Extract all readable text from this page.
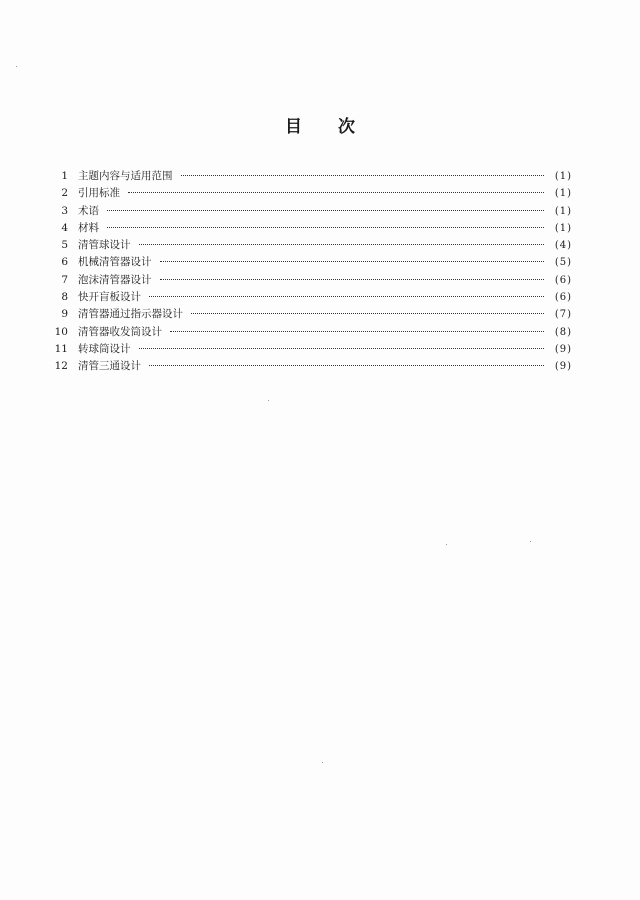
目 次
1 主题内容与适用范围	(1)
2 引用标准	(1)
3 术语	(1)
4 材料	(1)
5 清管球设计	(4)
6 机械清管器设计	(5)
7 泡沫清管器设计	(6)
8 快开盲板设计	(6)
9 清管器通过指示器设计	(7)
10 清管器收发筒设计	(8)
11 转球筒设计	(9)
12 清管三通设计	(9)
